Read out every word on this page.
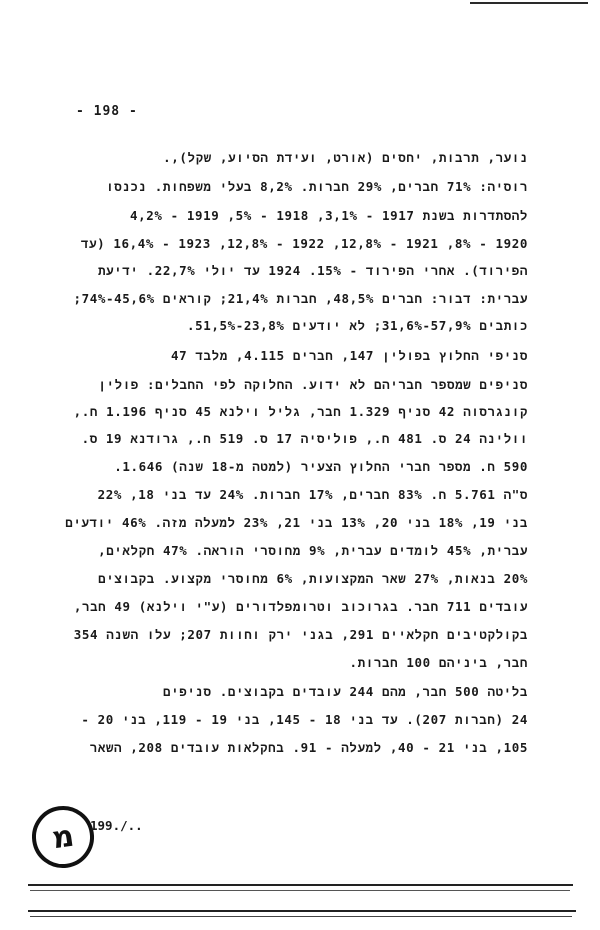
- 198 -
נוער, תרבות, יחסים (אורט, ועידת הסיוע, שקל),.
רוסיה: 71% חברים, 29% חברות. 8,2% בעלי משפחות. נכנסו
להסתדרות בשנת 1917 - 3,1%, 1918 - 5%, 1919 - 4,2%
1920 - 8%, 1921 - 12,8%, 1922 - 12,8%, 1923 - 16,4% (עד
הפירוד). אחרי הפירוד - 15%. 1924 עד יולי 22,7%. ידיעת
עברית: דבור: חברים 48,5%, חברות 21,4%; קוראים 45,6%-74%;
כותבים 57,9%-31,6%; לא יודעים 23,8%-51,5%.
סניפי החלוץ בפולין 147, חברים 4.115, מלבד 47
סניפים שמספר חבריהם לא ידוע. החלוקה לפי החבלים: פולין
קונגרסוה 42 סניף 1.329 חבר, גליל וילנא 45 סניף 1.196 ח.,
וולינה 24 ס. 481 ח., פוליסיה 17 ס. 519 ח., גרודנא 19 ס.
590 ח. מספר חברי החלוץ הצעיר (למטה מ-18 שנה) 1.646.
ס"ה 5.761 ח. 83% חברים, 17% חברות. 24% עד בני 18, 22%
בני 19, 18% בני 20, 13% בני 21, 23% למעלה מזה. 46% יודעים
עברית, 45% לומדים עברית, 9% מחוסרי הוראה. 47% חקלאים,
20% בנאות, 27% שאר המקצועות, 6% מחוסרי מקצוע. בקבוצים
עובדים 711 חבר. בגרוכוב וטרומפלדורים (ע"י וילנא) 49 חבר,
בקולקטיבים חקלאיים 291, בגני ירק וחוות 207; עלו השנה 354
חבר, ביניהם 100 חברות.
בליטה 500 חבר, מהם 244 עובדים בקבוצים. סניפים
24 (חברות 207). עד בני 18 - 145, בני 19 - 119, בני 20 -
105, בני 21 - 40, למעלה - 91. בחקלאות עובדים 208, השאר
מ	199./..
